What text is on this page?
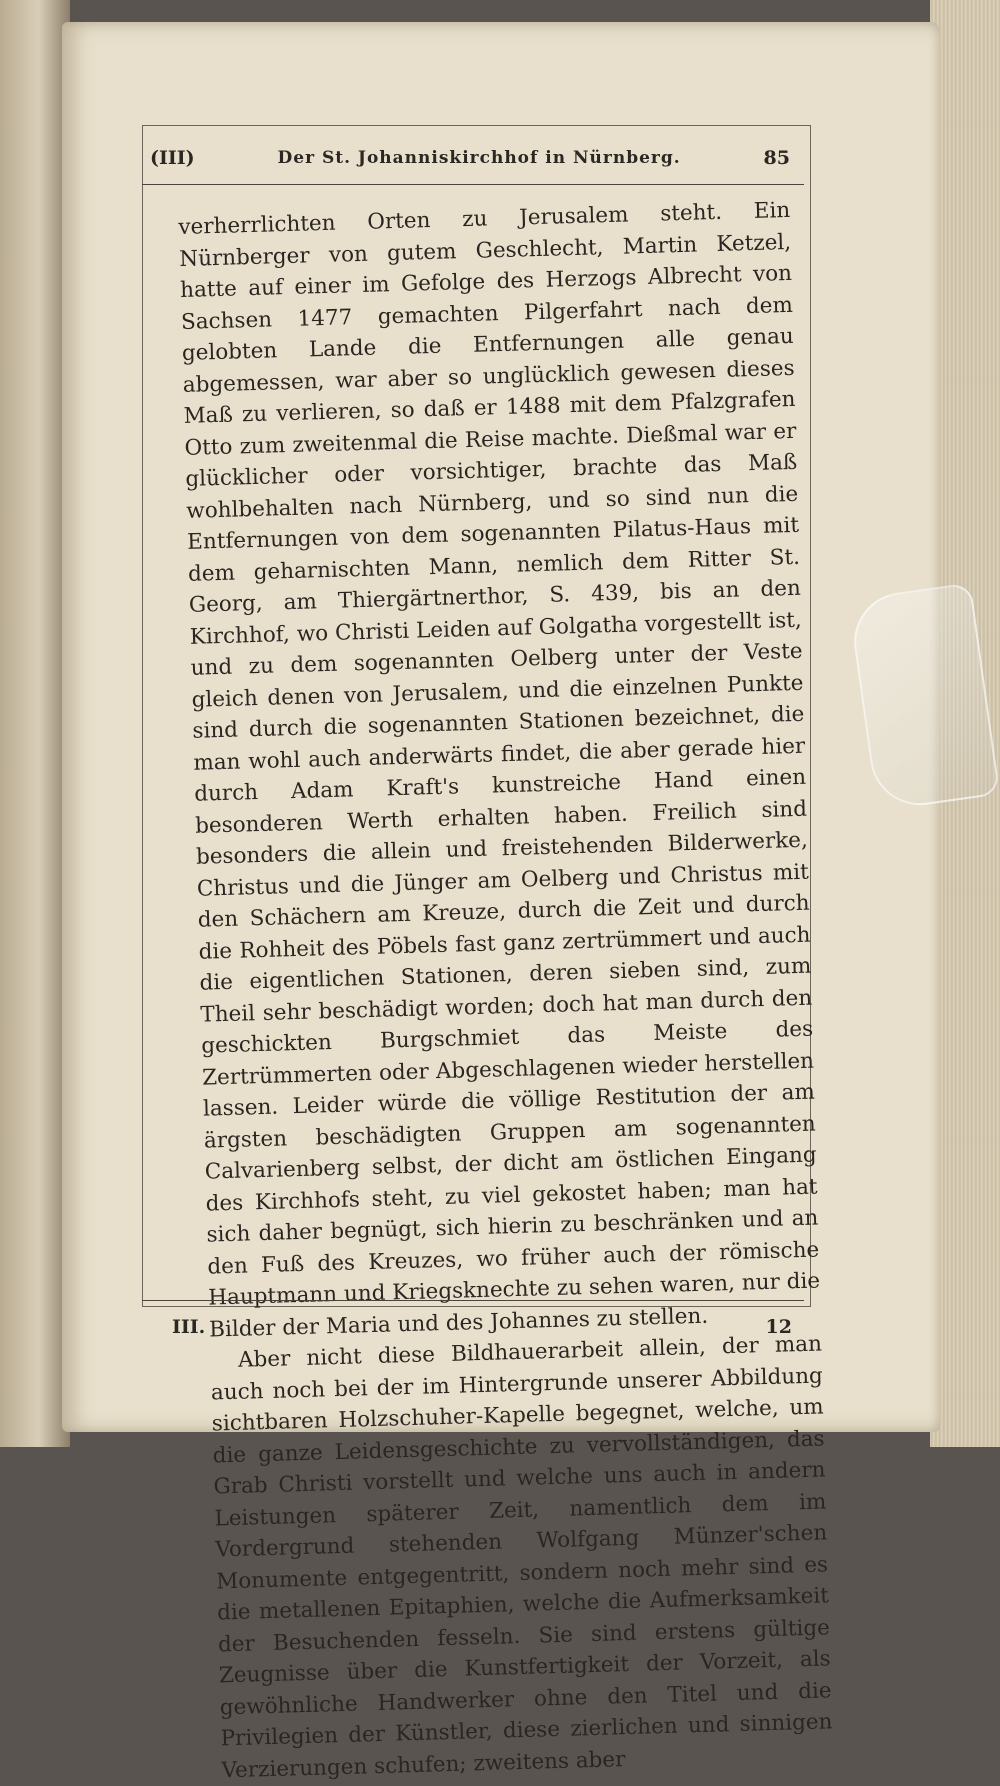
(III)	Der St. Johanniskirchhof in Nürnberg.	85

verherrlichten Orten zu Jerusalem steht. Ein Nürnberger von gutem Geschlecht, Martin Ketzel, hatte auf einer im Gefolge des Herzogs Albrecht von Sachsen 1477 gemachten Pilgerfahrt nach dem gelobten Lande die Entfernungen alle genau abgemessen, war aber so unglücklich gewesen dieses Maß zu verlieren, so daß er 1488 mit dem Pfalzgrafen Otto zum zweitenmal die Reise machte. Dießmal war er glücklicher oder vorsichtiger, brachte das Maß wohlbehalten nach Nürnberg, und so sind nun die Entfernungen von dem sogenannten Pilatus-Haus mit dem geharnischten Mann, nemlich dem Ritter St. Georg, am Thiergärtnerthor, S. 439, bis an den Kirchhof, wo Christi Leiden auf Golgatha vorgestellt ist, und zu dem sogenannten Oelberg unter der Veste gleich denen von Jerusalem, und die einzelnen Punkte sind durch die sogenannten Stationen bezeichnet, die man wohl auch anderwärts findet, die aber gerade hier durch Adam Kraft's kunstreiche Hand einen besonderen Werth erhalten haben. Freilich sind besonders die allein und freistehenden Bilderwerke, Christus und die Jünger am Oelberg und Christus mit den Schächern am Kreuze, durch die Zeit und durch die Rohheit des Pöbels fast ganz zertrümmert und auch die eigentlichen Stationen, deren sieben sind, zum Theil sehr beschädigt worden; doch hat man durch den geschickten Burgschmiet das Meiste des Zertrümmerten oder Abgeschlagenen wieder herstellen lassen. Leider würde die völlige Restitution der am ärgsten beschädigten Gruppen am sogenannten Calvarienberg selbst, der dicht am östlichen Eingang des Kirchhofs steht, zu viel gekostet haben; man hat sich daher begnügt, sich hierin zu beschränken und an den Fuß des Kreuzes, wo früher auch der römische Hauptmann und Kriegsknechte zu sehen waren, nur die Bilder der Maria und des Johannes zu stellen.

Aber nicht diese Bildhauerarbeit allein, der man auch noch bei der im Hintergrunde unserer Abbildung sichtbaren Holzschuher-Kapelle begegnet, welche, um die ganze Leidensgeschichte zu vervollständigen, das Grab Christi vorstellt und welche uns auch in andern Leistungen späterer Zeit, namentlich dem im Vordergrund stehenden Wolfgang Münzer'schen Monumente entgegentritt, sondern noch mehr sind es die metallenen Epitaphien, welche die Aufmerksamkeit der Besuchenden fesseln. Sie sind erstens gültige Zeugnisse über die Kunstfertigkeit der Vorzeit, als gewöhnliche Handwerker ohne den Titel und die Privilegien der Künstler, diese zierlichen und sinnigen Verzierungen schufen; zweitens aber

III.	12
